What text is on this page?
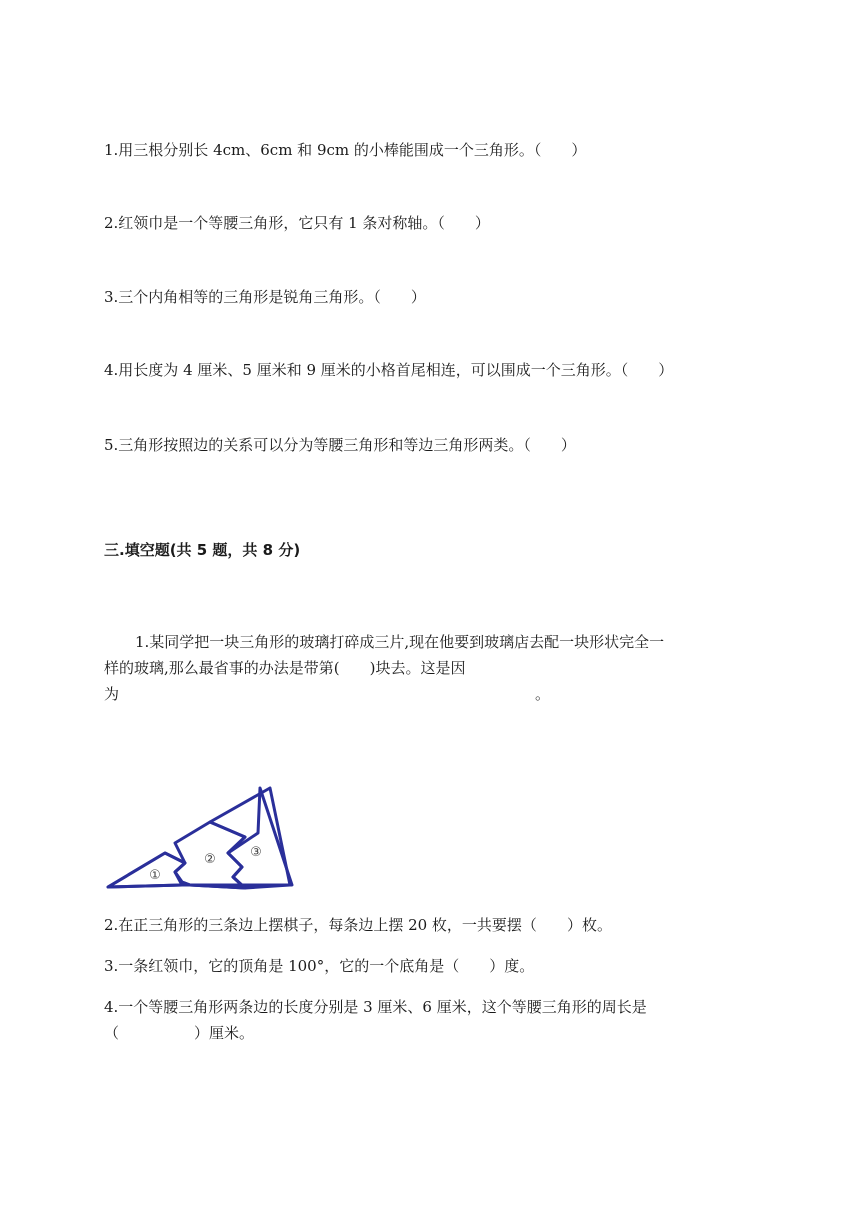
1.用三根分别长 4cm、6cm 和 9cm 的小棒能围成一个三角形。（　　）
2.红领巾是一个等腰三角形，它只有 1 条对称轴。（　　）
3.三个内角相等的三角形是锐角三角形。（　　）
4.用长度为 4 厘米、5 厘米和 9 厘米的小格首尾相连，可以围成一个三角形。（　　）
5.三角形按照边的关系可以分为等腰三角形和等边三角形两类。（　　）
三.填空题(共 5 题，共 8 分)
1.某同学把一块三角形的玻璃打碎成三片,现在他要到玻璃店去配一块形状完全一
样的玻璃,那么最省事的办法是带第(　　)块去。这是因
为	。
①
②	③
2.在正三角形的三条边上摆棋子，每条边上摆 20 枚，一共要摆（　　）枚。
3.一条红领巾，它的顶角是 100°，它的一个底角是（　　）度。
4.一个等腰三角形两条边的长度分别是 3 厘米、6 厘米，这个等腰三角形的周长是
（　　　　　）厘米。
